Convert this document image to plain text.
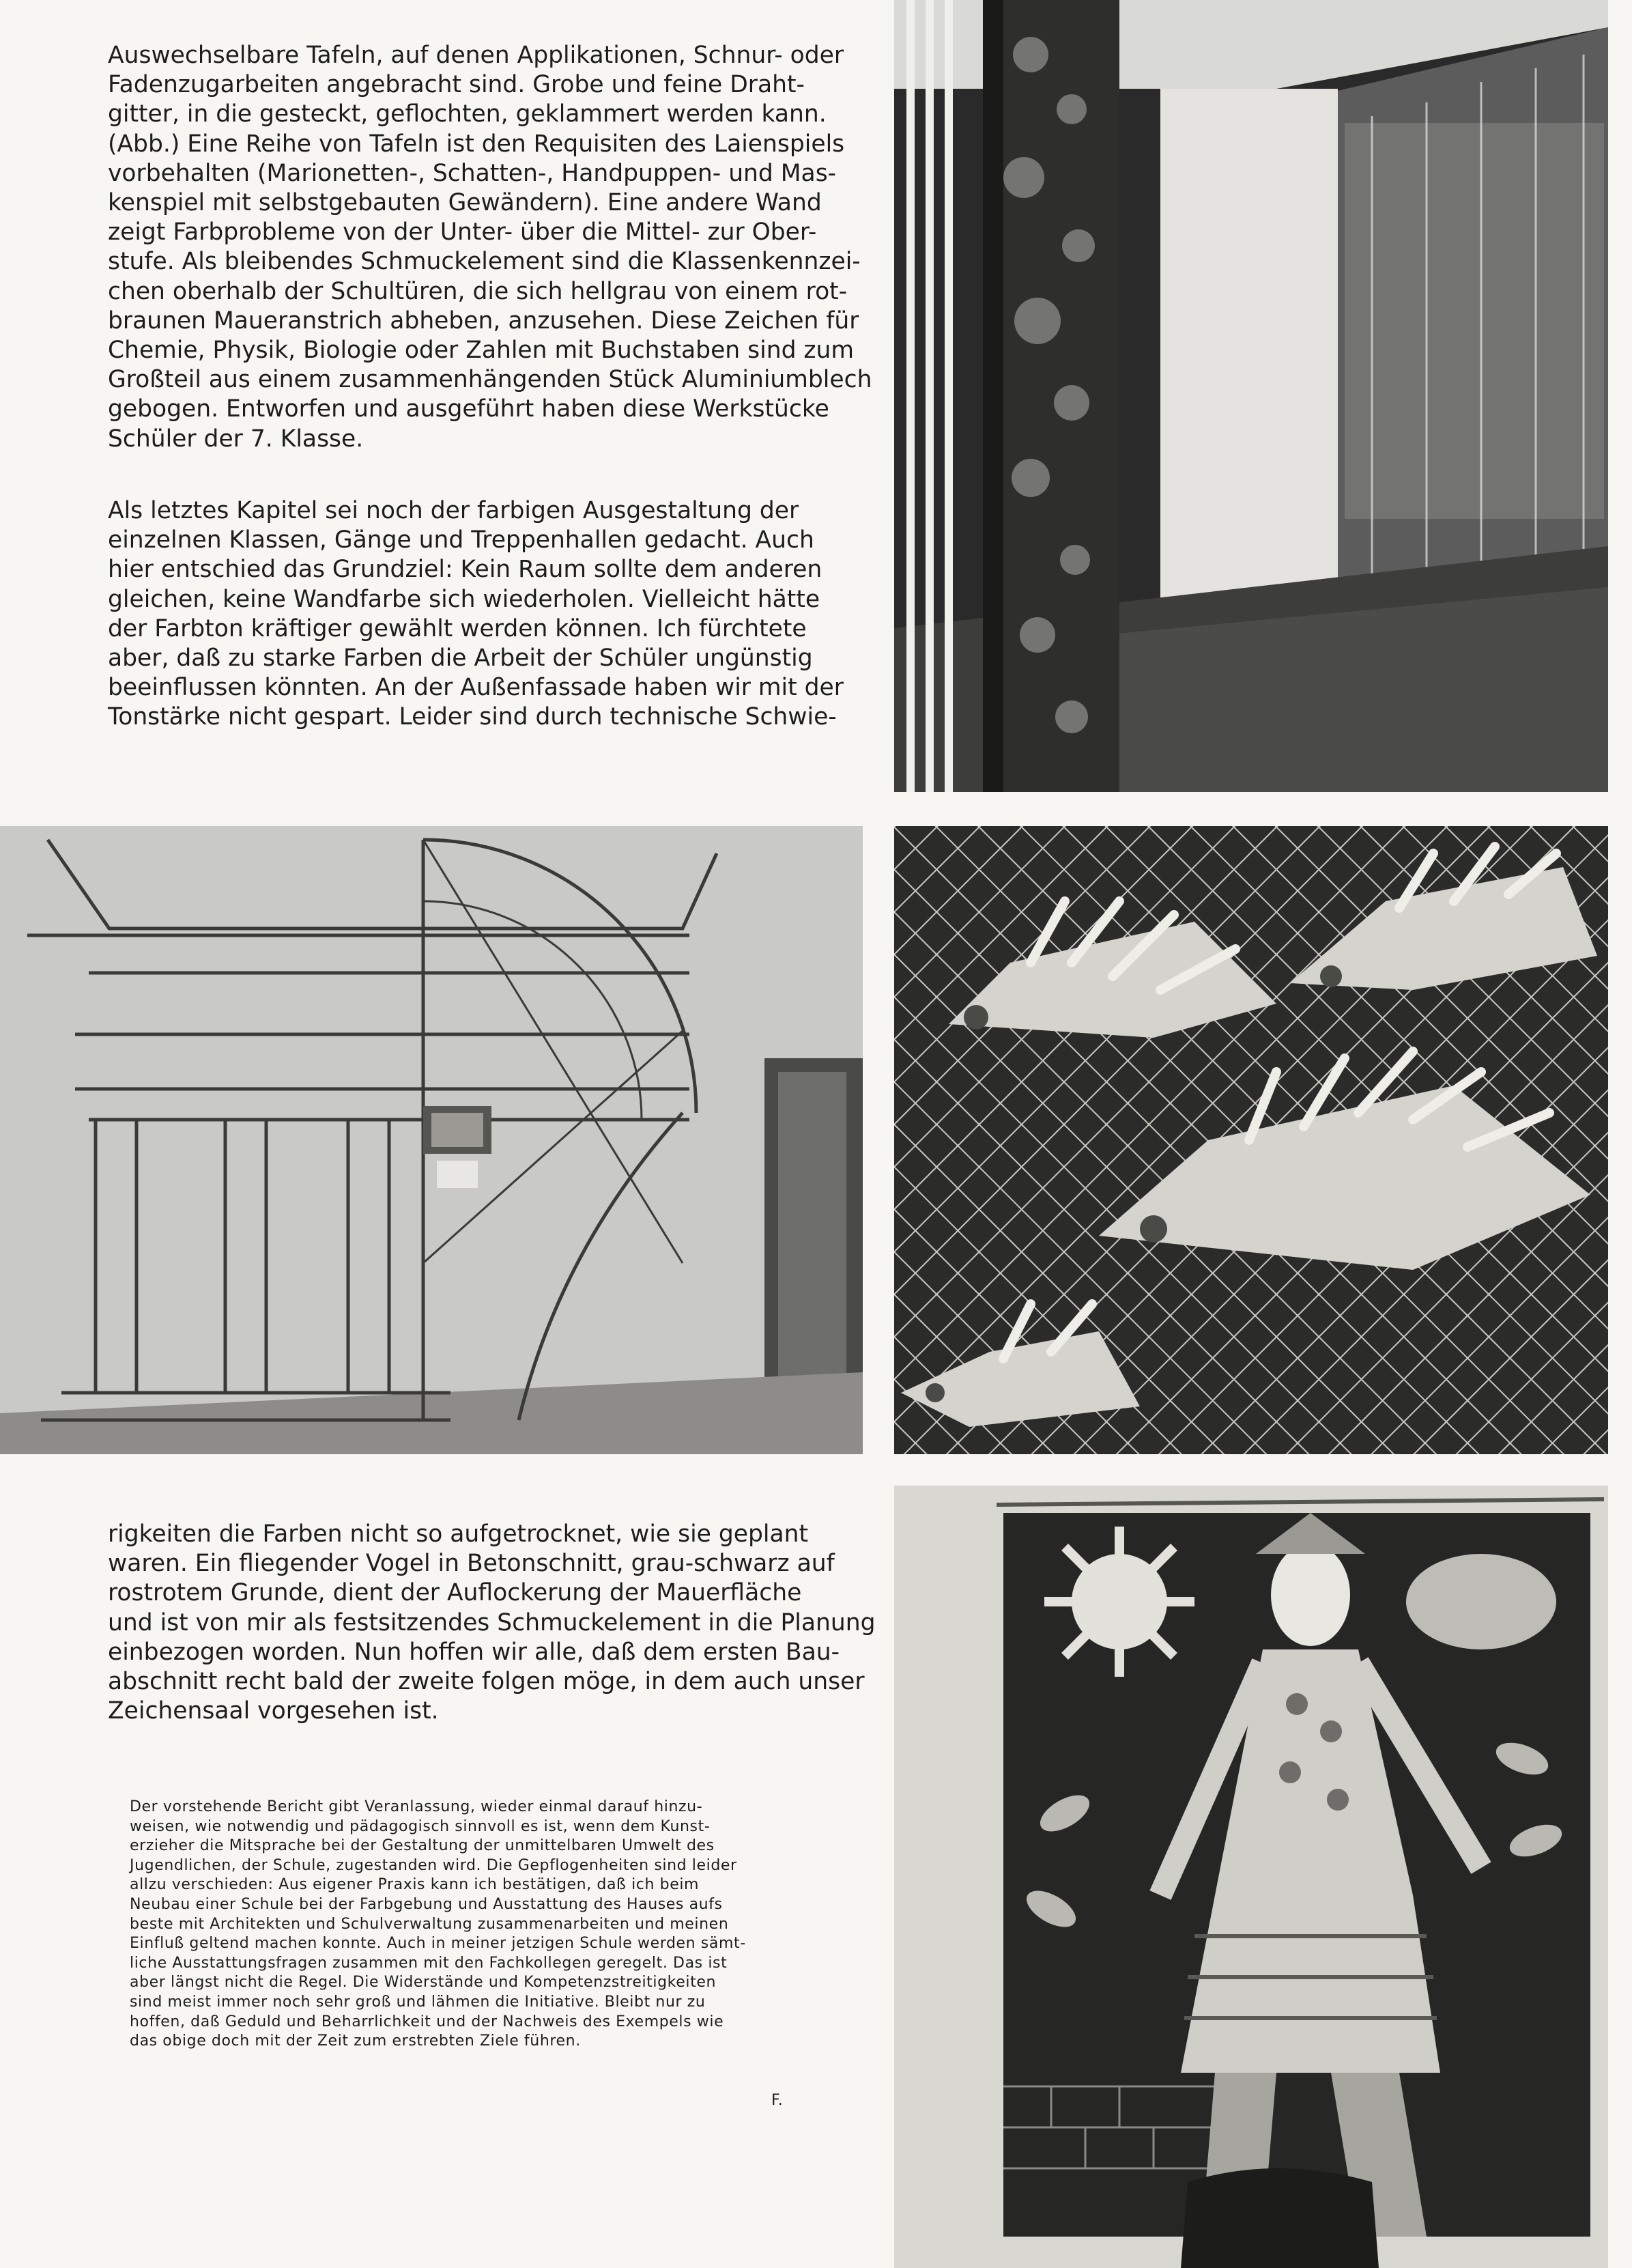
Auswechselbare Tafeln, auf denen Applikationen, Schnur- oder
Fadenzugarbeiten angebracht sind. Grobe und feine Draht-
gitter, in die gesteckt, geflochten, geklammert werden kann.
(Abb.) Eine Reihe von Tafeln ist den Requisiten des Laienspiels
vorbehalten (Marionetten-, Schatten-, Handpuppen- und Mas-
kenspiel mit selbstgebauten Gewändern). Eine andere Wand
zeigt Farbprobleme von der Unter- über die Mittel- zur Ober-
stufe. Als bleibendes Schmuckelement sind die Klassenkennzei-
chen oberhalb der Schultüren, die sich hellgrau von einem rot-
braunen Maueranstrich abheben, anzusehen. Diese Zeichen für
Chemie, Physik, Biologie oder Zahlen mit Buchstaben sind zum
Großteil aus einem zusammenhängenden Stück Aluminiumblech
gebogen. Entworfen und ausgeführt haben diese Werkstücke
Schüler der 7. Klasse.
Als letztes Kapitel sei noch der farbigen Ausgestaltung der
einzelnen Klassen, Gänge und Treppenhallen gedacht. Auch
hier entschied das Grundziel: Kein Raum sollte dem anderen
gleichen, keine Wandfarbe sich wiederholen. Vielleicht hätte
der Farbton kräftiger gewählt werden können. Ich fürchtete
aber, daß zu starke Farben die Arbeit der Schüler ungünstig
beeinflussen könnten. An der Außenfassade haben wir mit der
Tonstärke nicht gespart. Leider sind durch technische Schwie-
rigkeiten die Farben nicht so aufgetrocknet, wie sie geplant
waren. Ein fliegender Vogel in Betonschnitt, grau-schwarz auf
rostrotem Grunde, dient der Auflockerung der Mauerfläche
und ist von mir als festsitzendes Schmuckelement in die Planung
einbezogen worden. Nun hoffen wir alle, daß dem ersten Bau-
abschnitt recht bald der zweite folgen möge, in dem auch unser
Zeichensaal vorgesehen ist.
Der vorstehende Bericht gibt Veranlassung, wieder einmal darauf hinzu-
weisen, wie notwendig und pädagogisch sinnvoll es ist, wenn dem Kunst-
erzieher die Mitsprache bei der Gestaltung der unmittelbaren Umwelt des
Jugendlichen, der Schule, zugestanden wird. Die Gepflogenheiten sind leider
allzu verschieden: Aus eigener Praxis kann ich bestätigen, daß ich beim
Neubau einer Schule bei der Farbgebung und Ausstattung des Hauses aufs
beste mit Architekten und Schulverwaltung zusammenarbeiten und meinen
Einfluß geltend machen konnte. Auch in meiner jetzigen Schule werden sämt-
liche Ausstattungsfragen zusammen mit den Fachkollegen geregelt. Das ist
aber längst nicht die Regel. Die Widerstände und Kompetenzstreitigkeiten
sind meist immer noch sehr groß und lähmen die Initiative. Bleibt nur zu
hoffen, daß Geduld und Beharrlichkeit und der Nachweis des Exempels wie
das obige doch mit der Zeit zum erstrebten Ziele führen.
F.
